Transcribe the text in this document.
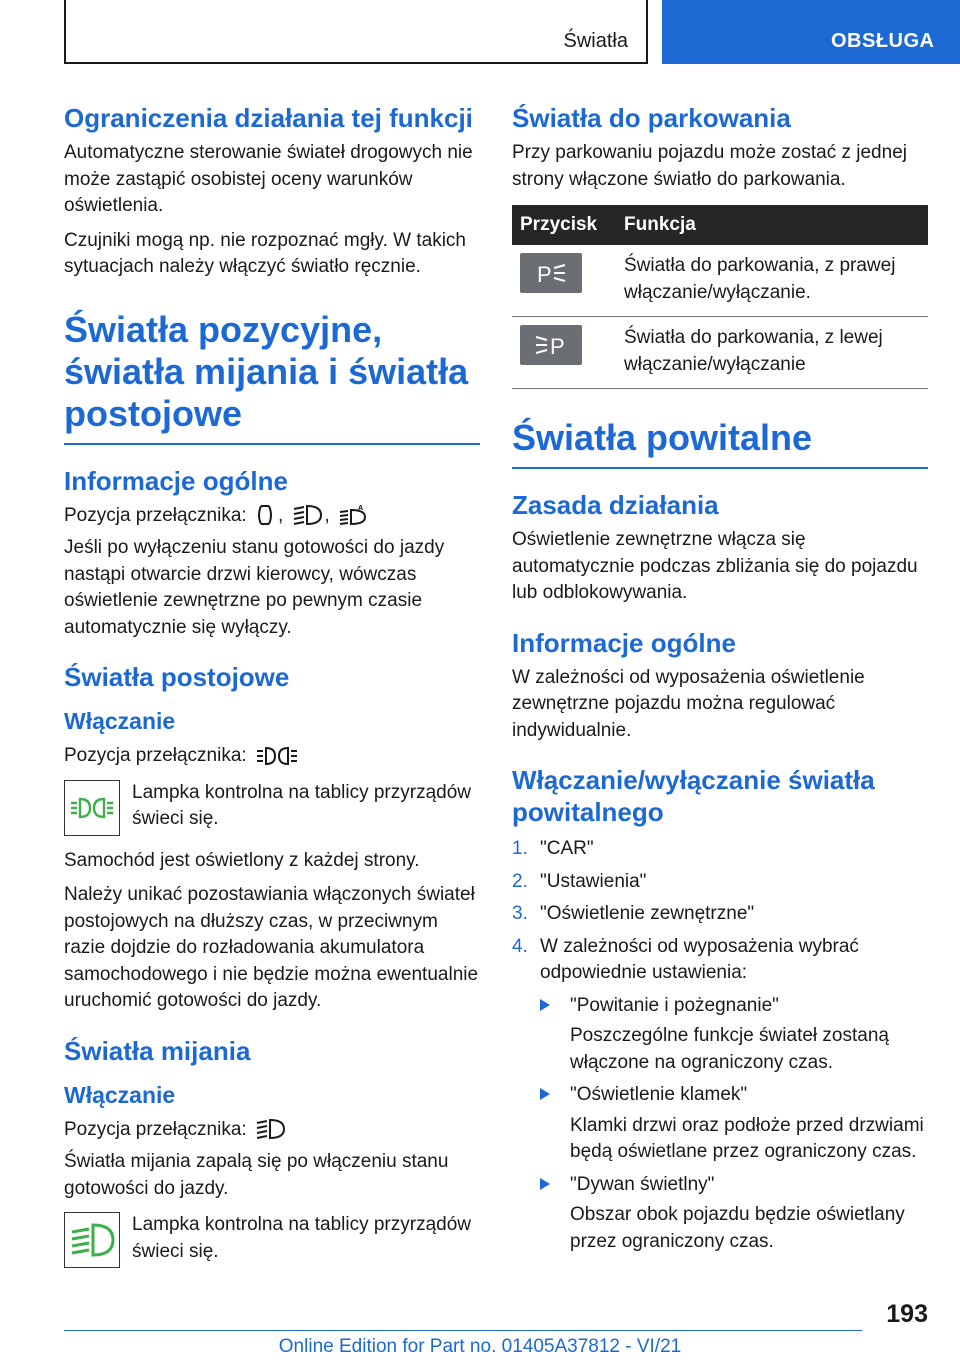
Światła	OBSŁUGA
Ograniczenia działania tej funkcji

Automatyczne sterowanie świateł drogowych nie może zastąpić osobistej oceny warunków oświetlenia.

Czujniki mogą np. nie rozpoznać mgły. W takich sytuacjach należy włączyć światło ręcznie.

Światła pozycyjne, światła mijania i światła postojowe
Informacje ogólne

Pozycja przełącznika: , ,	A

Jeśli po wyłączeniu stanu gotowości do jazdy nastąpi otwarcie drzwi kierowcy, wówczas oświetlenie zewnętrzne po pewnym czasie automatycznie się wyłączy.

Światła postojowe
Włączanie

Pozycja przełącznika:

Lampka kontrolna na tablicy przyrządów świeci się.

Samochód jest oświetlony z każdej strony.

Należy unikać pozostawiania włączonych świateł postojowych na dłuższy czas, w przeciwnym razie dojdzie do rozładowania akumulatora samochodowego i nie będzie można ewentualnie uruchomić gotowości do jazdy.

Światła mijania
Włączanie

Pozycja przełącznika:

Światła mijania zapalą się po włączeniu stanu gotowości do jazdy.

Lampka kontrolna na tablicy przyrządów świeci się.

Światła do parkowania

Przy parkowaniu pojazdu może zostać z jednej strony włączone światło do parkowania.

Przycisk	Funkcja

P	Światła do parkowania, z prawej włączanie/wyłączanie.

P	Światła do parkowania, z lewej włączanie/wyłączanie
Światła powitalne
Zasada działania

Oświetlenie zewnętrzne włącza się automatycznie podczas zbliżania się do pojazdu lub odblokowywania.

Informacje ogólne

W zależności od wyposażenia oświetlenie zewnętrzne pojazdu można regulować indywidualnie.

Włączanie/wyłączanie światła powitalnego
1. "CAR"
2. "Ustawienia"
3. "Oświetlenie zewnętrzne"
4. W zależności od wyposażenia wybrać odpowiednie ustawienia:

"Powitanie i pożegnanie"

Poszczególne funkcje świateł zostaną włączone na ograniczony czas.

"Oświetlenie klamek"

Klamki drzwi oraz podłoże przed drzwiami będą oświetlane przez ograniczony czas.

"Dywan świetlny"

Obszar obok pojazdu będzie oświetlany przez ograniczony czas.

193
Online Edition for Part no. 01405A37812 - VI/21
